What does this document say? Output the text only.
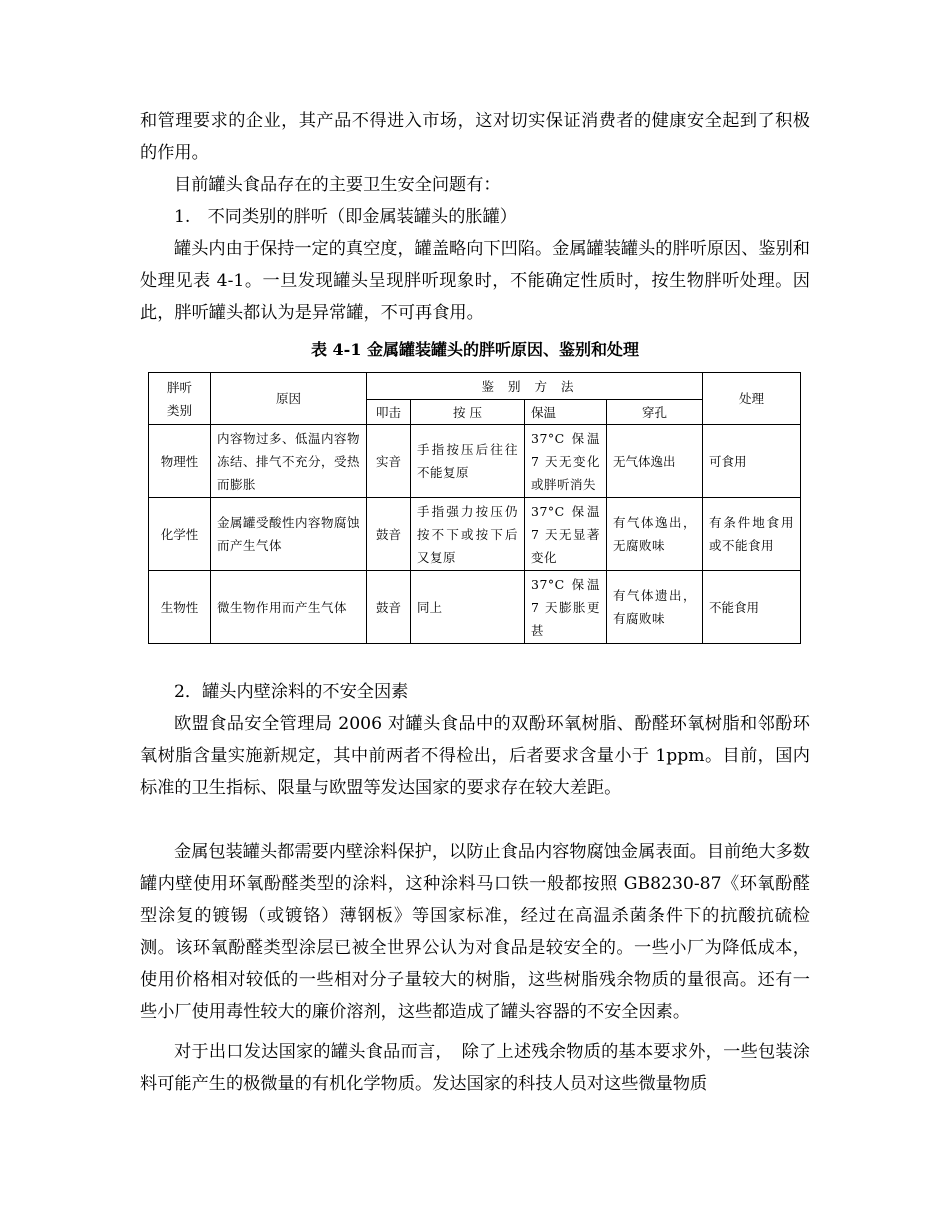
和管理要求的企业，其产品不得进入市场，这对切实保证消费者的健康安全起到了积极的作用。

目前罐头食品存在的主要卫生安全问题有：

1.　不同类别的胖听（即金属装罐头的胀罐）

罐头内由于保持一定的真空度，罐盖略向下凹陷。金属罐装罐头的胖听原因、鉴别和处理见表 4-1。一旦发现罐头呈现胖听现象时，不能确定性质时，按生物胖听处理。因此，胖听罐头都认为是异常罐，不可再食用。

表 4-1 金属罐装罐头的胖听原因、鉴别和处理
胖听
类别	原因	鉴别方法				处理
		叩击	按 压	保温	穿孔	
物理性	内容物过多、低温内容物冻结、排气不充分，受热而膨胀	实音	手指按压后往往不能复原	37°C 保温 7 天无变化或胖听消失	无气体逸出	可食用
化学性	金属罐受酸性内容物腐蚀而产生气体	鼓音	手指强力按压仍按不下或按下后又复原	37°C 保温 7 天无显著变化	有气体逸出，无腐败味	有条件地食用或不能食用
生物性	微生物作用而产生气体	鼓音	同上	37°C 保温 7 天膨胀更甚	有气体遗出，有腐败味	不能食用

2．罐头内壁涂料的不安全因素

欧盟食品安全管理局 2006 对罐头食品中的双酚环氧树脂、酚醛环氧树脂和邻酚环氧树脂含量实施新规定，其中前两者不得检出，后者要求含量小于 1ppm。目前，国内标准的卫生指标、限量与欧盟等发达国家的要求存在较大差距。

金属包装罐头都需要内壁涂料保护，以防止食品内容物腐蚀金属表面。目前绝大多数罐内壁使用环氧酚醛类型的涂料，这种涂料马口铁一般都按照 GB8230-87《环氧酚醛型涂复的镀锡（或镀铬）薄钢板》等国家标准，经过在高温杀菌条件下的抗酸抗硫检测。该环氧酚醛类型涂层已被全世界公认为对食品是较安全的。一些小厂为降低成本，使用价格相对较低的一些相对分子量较大的树脂，这些树脂残余物质的量很高。还有一些小厂使用毒性较大的廉价溶剂，这些都造成了罐头容器的不安全因素。

对于出口发达国家的罐头食品而言，　除了上述残余物质的基本要求外，一些包装涂料可能产生的极微量的有机化学物质。发达国家的科技人员对这些微量物质
